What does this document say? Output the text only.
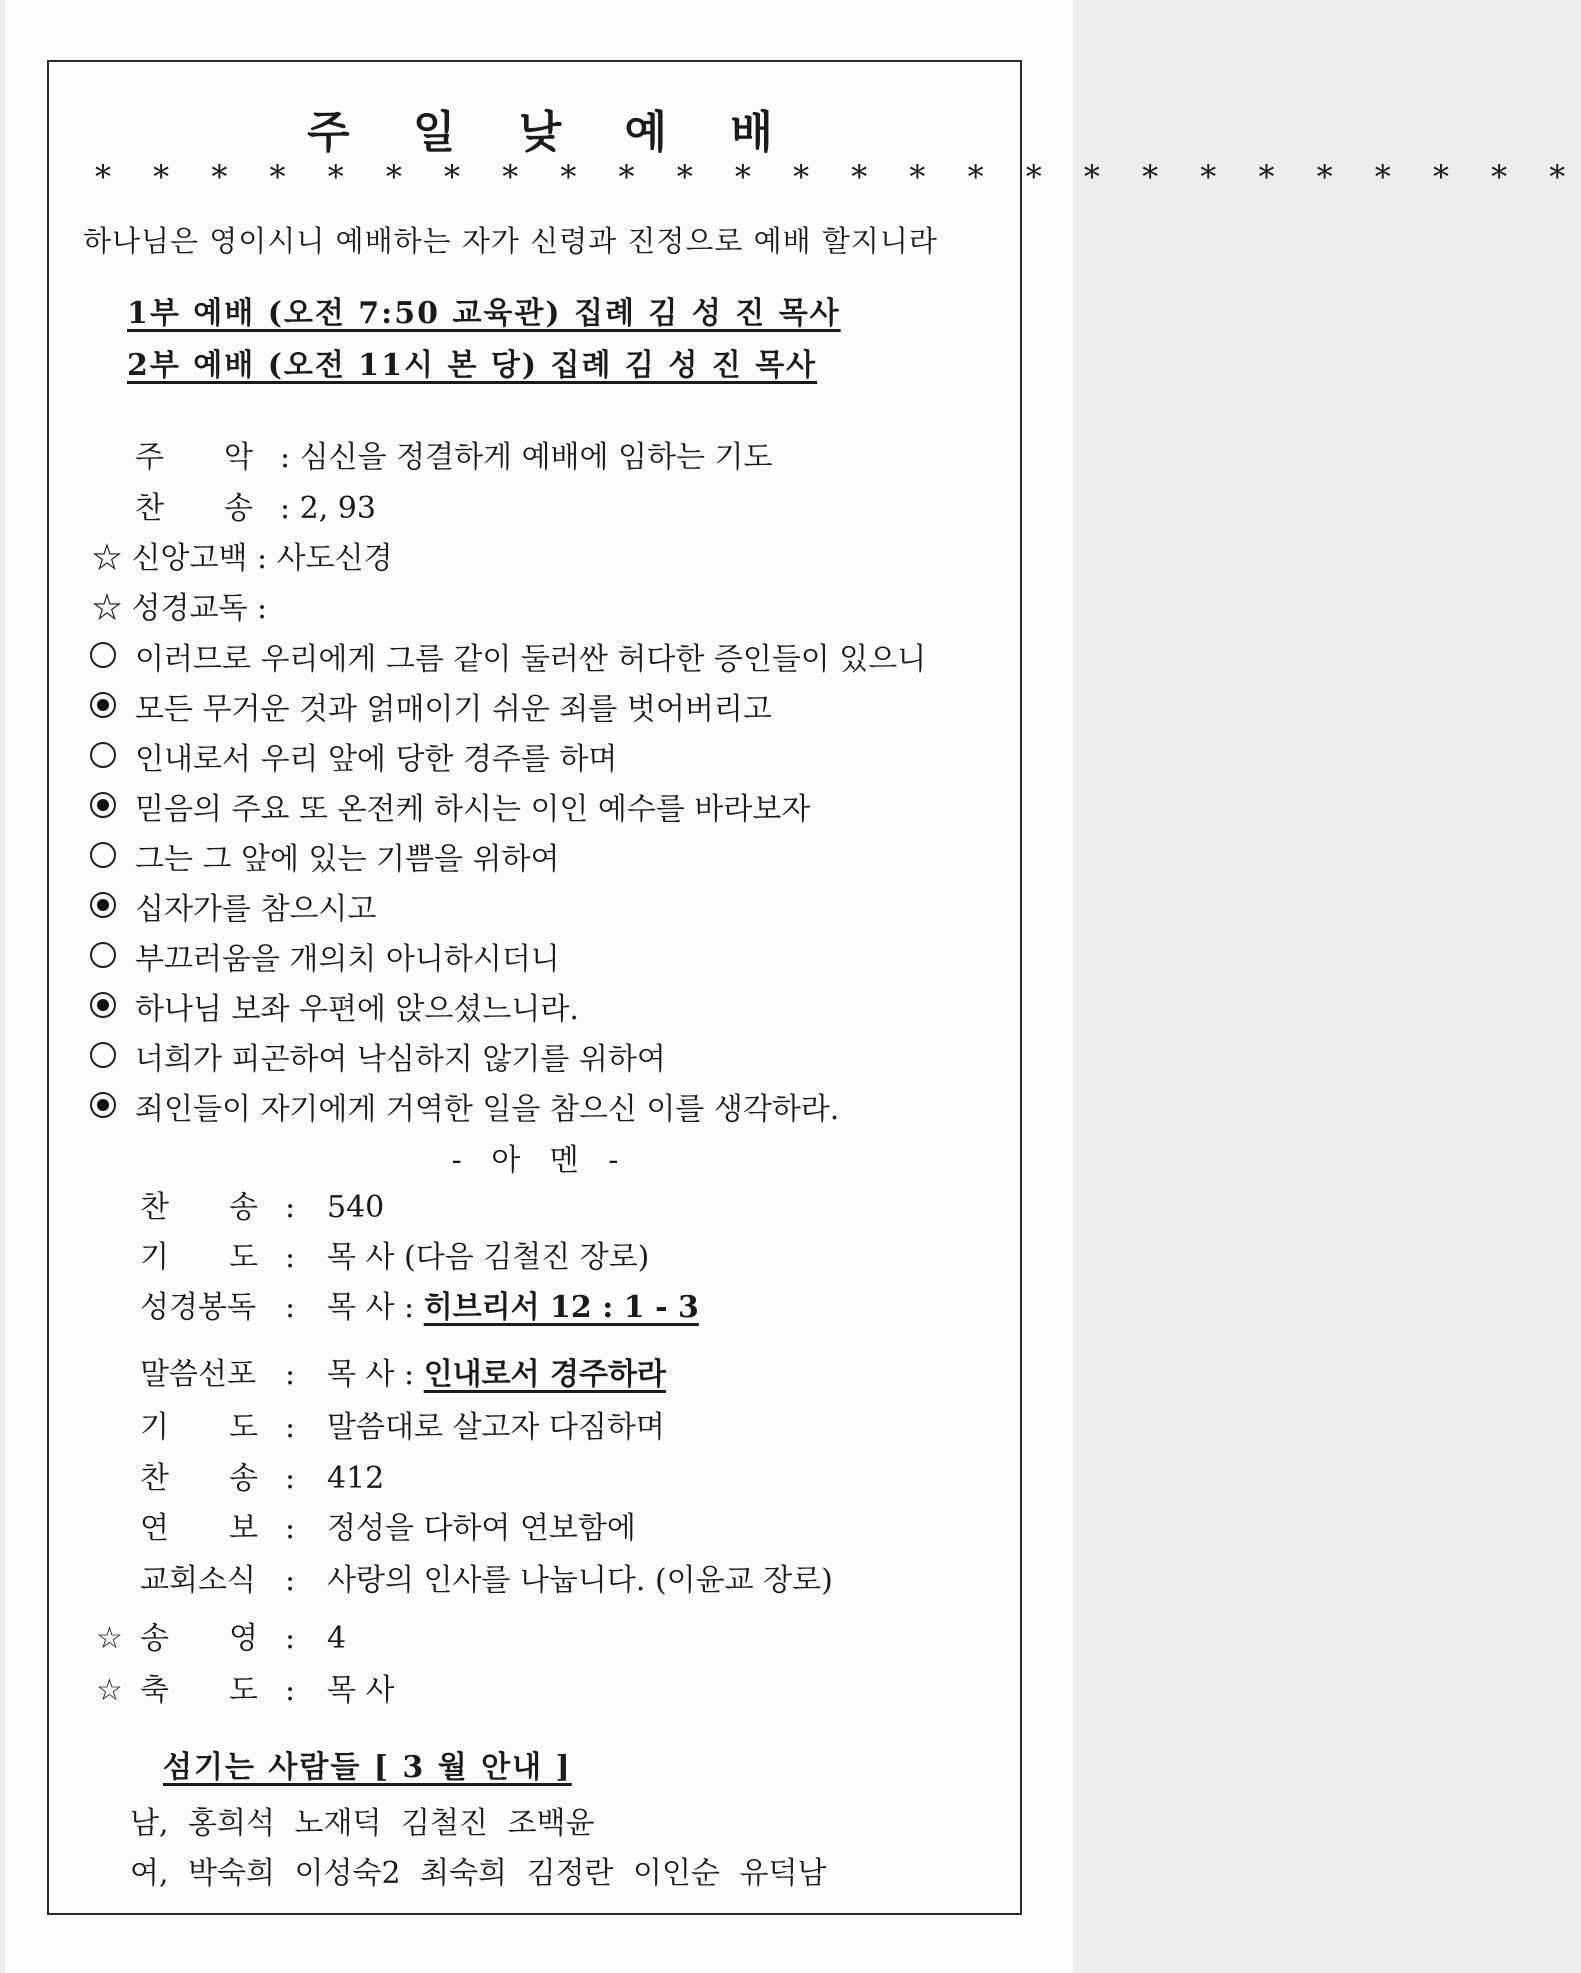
주 일 낮 예 배
* * * * * * * * * * * * * * * * * * * * * * * * * *
하나님은 영이시니 예배하는 자가 신령과 진정으로 예배 할지니라
1부 예배 (오전 7:50 교육관) 집례 김 성 진 목사
2부 예배 (오전 11시 본 당) 집례 김 성 진 목사
주　　악 : 심신을 정결하게 예배에 임하는 기도
찬　　송 : 2, 93
☆ 신앙고백 : 사도신경
☆ 성경교독 :
이러므로 우리에게 그름 같이 둘러싼 허다한 증인들이 있으니
모든 무거운 것과 얽매이기 쉬운 죄를 벗어버리고
인내로서 우리 앞에 당한 경주를 하며
믿음의 주요 또 온전케 하시는 이인 예수를 바라보자
그는 그 앞에 있는 기쁨을 위하여
십자가를 참으시고
부끄러움을 개의치 아니하시더니
하나님 보좌 우편에 앉으셨느니라.
너희가 피곤하여 낙심하지 않기를 위하여
죄인들이 자기에게 거역한 일을 참으신 이를 생각하라.
- 아 멘 -
찬　　송 : 540
기　　도 : 목 사 (다음 김철진 장로)
성경봉독 : 목 사 : 히브리서 12 : 1 - 3
말씀선포 : 목 사 : 인내로서 경주하라
기　　도 : 말씀대로 살고자 다짐하며
찬　　송 : 412
연　　보 : 정성을 다하여 연보함에
교회소식 : 사랑의 인사를 나눕니다. (이윤교 장로)
☆ 송　　영 : 4
☆ 축　　도 : 목 사
섬기는 사람들 [ 3 월 안내 ]
남, 홍희석 노재덕 김철진 조백윤
여, 박숙희 이성숙2 최숙희 김정란 이인순 유덕남
